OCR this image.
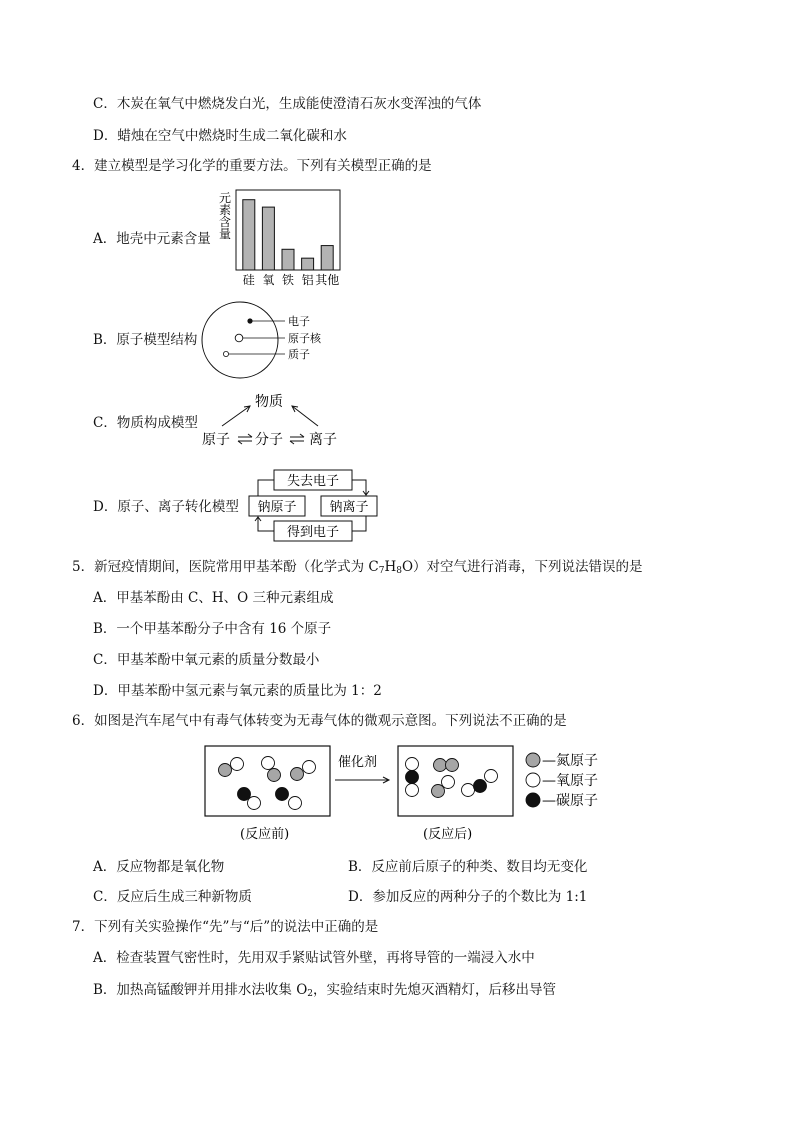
C．木炭在氧气中燃烧发白光，生成能使澄清石灰水变浑浊的气体
D．蜡烛在空气中燃烧时生成二氧化碳和水
4．建立模型是学习化学的重要方法。下列有关模型正确的是
A．地壳中元素含量
元
素
含
量
硅 氧 铁 铝 其他
B．原子模型结构
电子
原子核
质子
C．物质构成模型
物质
原子 分子 离子
D．原子、离子转化模型
失去电子
钠原子	钠离子
得到电子
5．新冠疫情期间，医院常用甲基苯酚（化学式为 $C_7H_8O$）对空气进行消毒，下列说法错误的是
A．甲基苯酚由 C、H、O 三种元素组成
B．一个甲基苯酚分子中含有 16 个原子
C．甲基苯酚中氧元素的质量分数最小
D．甲基苯酚中氢元素与氧元素的质量比为 1：2
6．如图是汽车尾气中有毒气体转变为无毒气体的微观示意图。下列说法不正确的是
催化剂	—氮原子
—氧原子
—碳原子
(反应前)	(反应后)
A．反应物都是氧化物	B．反应前后原子的种类、数目均无变化
C．反应后生成三种新物质	D．参加反应的两种分子的个数比为 1:1
7．下列有关实验操作“先”与“后”的说法中正确的是
A．检查装置气密性时，先用双手紧贴试管外壁，再将导管的一端浸入水中
B．加热高锰酸钾并用排水法收集 $O_2$，实验结束时先熄灭酒精灯，后移出导管
